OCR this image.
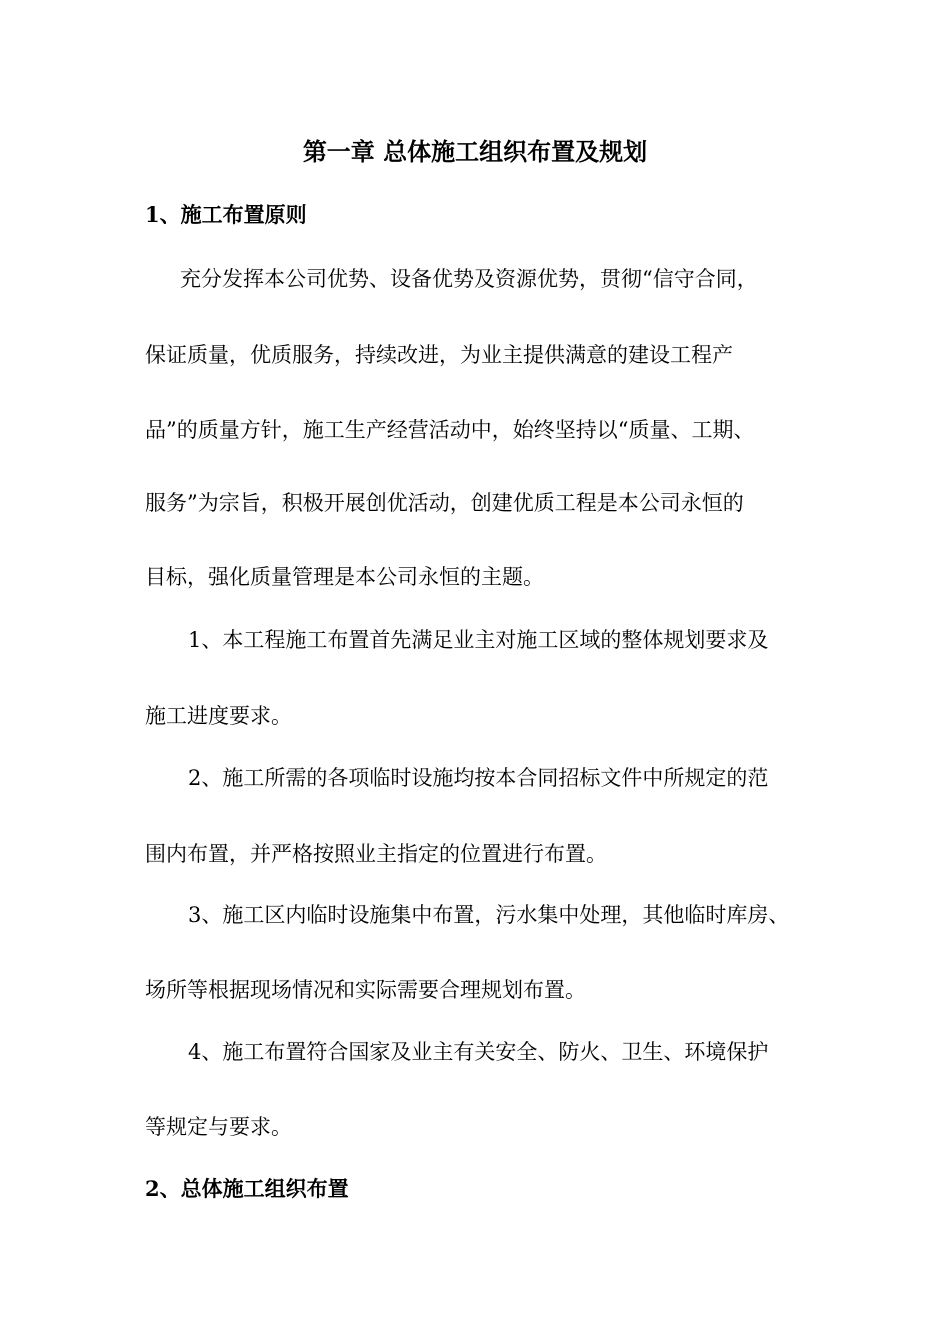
第一章 总体施工组织布置及规划
1、施工布置原则
充分发挥本公司优势、设备优势及资源优势，贯彻“信守合同，
保证质量，优质服务，持续改进，为业主提供满意的建设工程产
品”的质量方针，施工生产经营活动中，始终坚持以“质量、工期、
服务”为宗旨，积极开展创优活动，创建优质工程是本公司永恒的
目标，强化质量管理是本公司永恒的主题。
1、本工程施工布置首先满足业主对施工区域的整体规划要求及
施工进度要求。
2、施工所需的各项临时设施均按本合同招标文件中所规定的范
围内布置，并严格按照业主指定的位置进行布置。
3、施工区内临时设施集中布置，污水集中处理，其他临时库房、
场所等根据现场情况和实际需要合理规划布置。
4、施工布置符合国家及业主有关安全、防火、卫生、环境保护
等规定与要求。
2、总体施工组织布置
